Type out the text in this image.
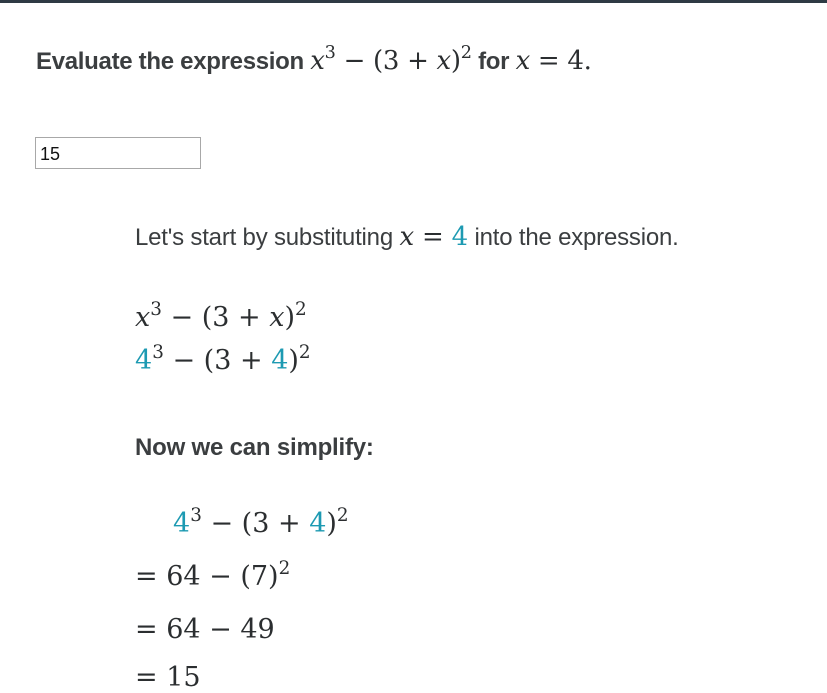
Evaluate the expression $x^3 - (3 + x)^2$ for x = 4.
15
Let's start by substituting x = 4 into the expression.
$x^3 - (3 + x)^2$
$4^3 - (3 + 4)^2$
Now we can simplify:
$4^3 - (3 + 4)^2$
= $64 - (7)^2$
= 64 − 49
= 15
